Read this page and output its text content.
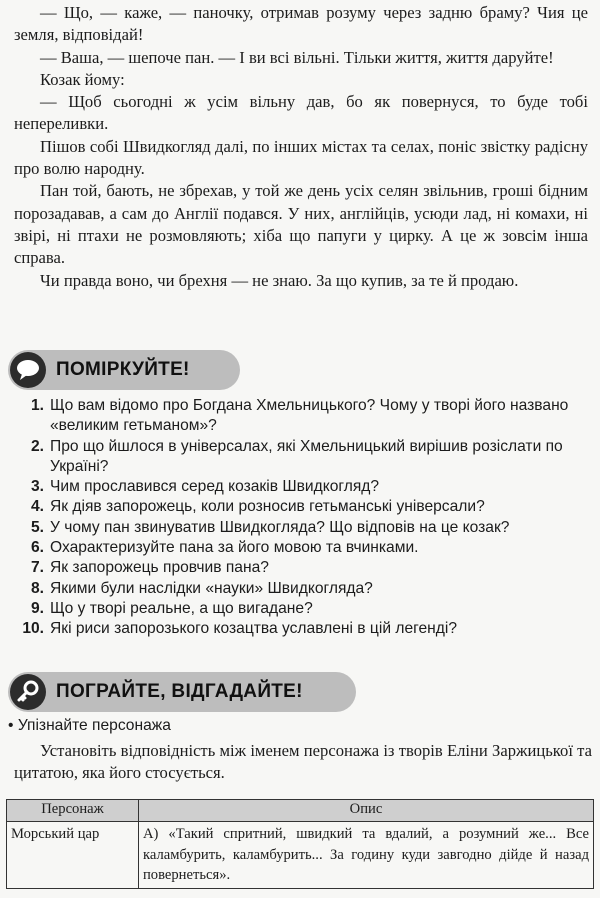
— Що, — каже, — паночку, отримав розуму через задню браму? Чия це земля, відповідай!

— Ваша, — шепоче пан. — І ви всі вільні. Тільки життя, життя даруйте!

Козак йому:

— Щоб сьогодні ж усім вільну дав, бо як повернуся, то буде тобі непереливки.

Пішов собі Швидкогляд далі, по інших містах та селах, поніс звістку радісну про волю народну.

Пан той, бають, не збрехав, у той же день усіх селян звільнив, гроші бідним порозадавав, а сам до Англії подався. У них, англійців, усюди лад, ні комахи, ні звірі, ні птахи не розмовляють; хіба що папуги у цирку. А це ж зовсім інша справа.

Чи правда воно, чи брехня — не знаю. За що купив, за те й продаю.

ПОМІРКУЙТЕ!
1. Що вам відомо про Богдана Хмельницького? Чому у творі його названо «великим гетьманом»?
2. Про що йшлося в універсалах, які Хмельницький вирішив розіслати по Україні?
3. Чим прославився серед козаків Швидкогляд?
4. Як діяв запорожець, коли розносив гетьманські універсали?
5. У чому пан звинуватив Швидкогляда? Що відповів на це козак?
6. Охарактеризуйте пана за його мовою та вчинками.
7. Як запорожець провчив пана?
8. Якими були наслідки «науки» Швидкогляда?
9. Що у творі реальне, а що вигадане?
10. Які риси запорозького козацтва уславлені в цій легенді?
ПОГРАЙТЕ, ВІДГАДАЙТЕ!
• Упізнайте персонажа

Установіть відповідність між іменем персонажа із творів Еліни Заржицької та цитатою, яка його стосується.

Персонаж	Опис
Морський цар	А) «Такий спритний, швидкий та вдалий, а розумний же... Все каламбурить, каламбурить... За годину куди завгодно дійде й назад повернеться».
